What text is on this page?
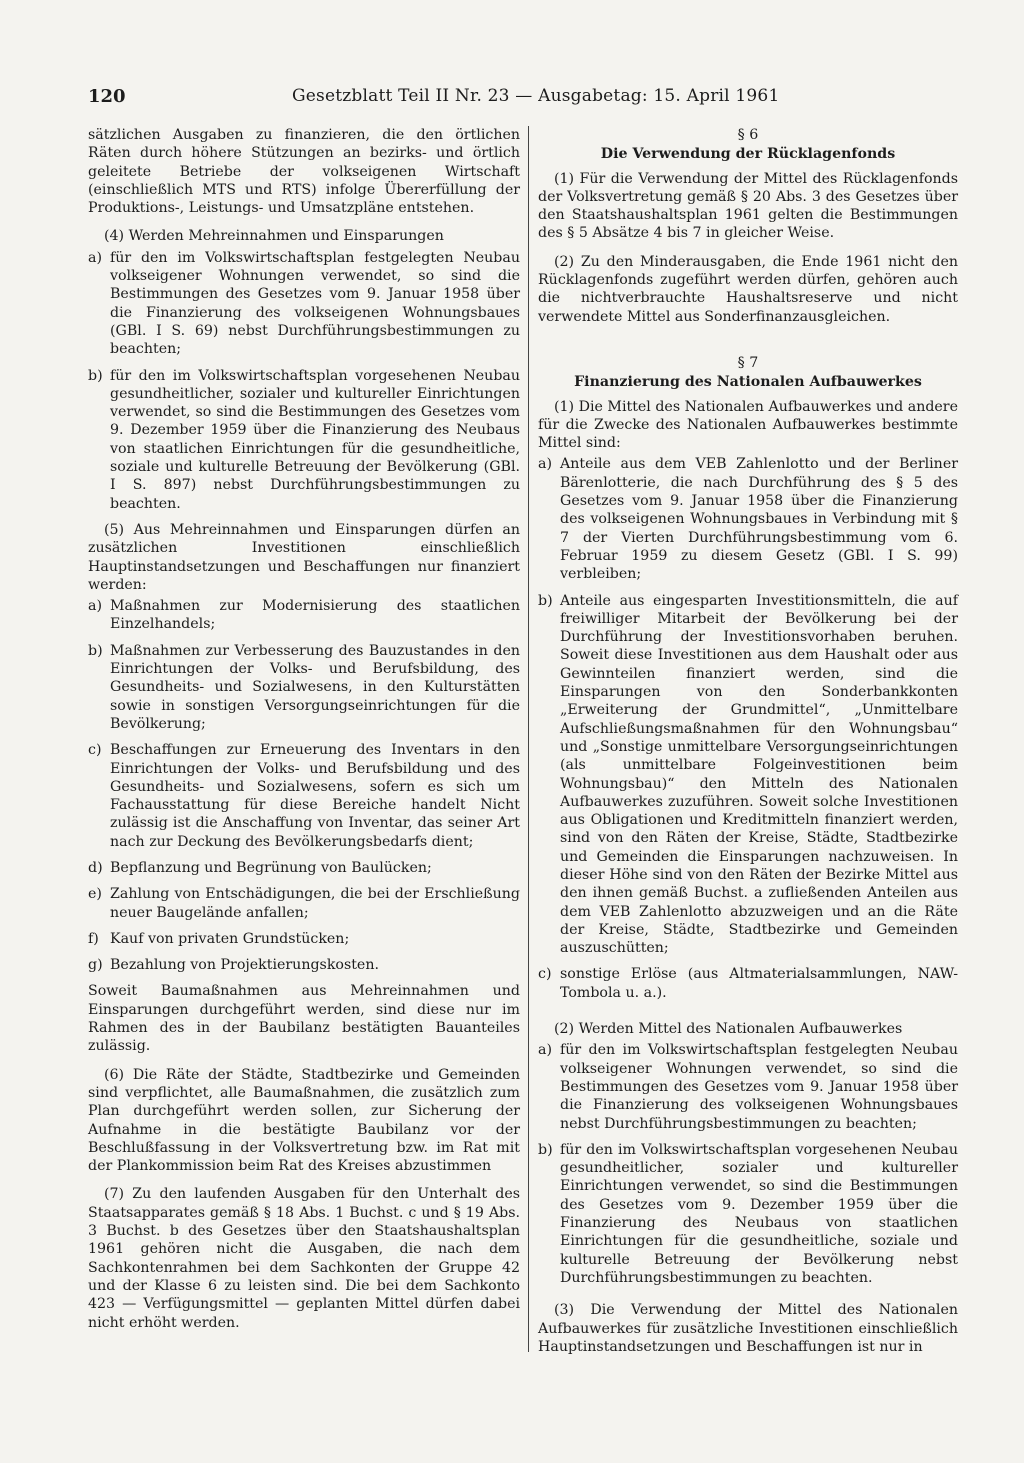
120	Gesetzblatt Teil II Nr. 23 — Ausgabetag: 15. April 1961

sätzlichen Ausgaben zu finanzieren, die den örtlichen Räten durch höhere Stützungen an bezirks- und örtlich geleitete Betriebe der volkseigenen Wirtschaft (einschließlich MTS und RTS) infolge Übererfüllung der Produktions-, Leistungs- und Umsatzpläne entstehen.

(4) Werden Mehreinnahmen und Einsparungen

a) für den im Volkswirtschaftsplan festgelegten Neubau volkseigener Wohnungen verwendet, so sind die Bestimmungen des Gesetzes vom 9. Januar 1958 über die Finanzierung des volkseigenen Wohnungsbaues (GBl. I S. 69) nebst Durchführungsbestimmungen zu beachten;
b) für den im Volkswirtschaftsplan vorgesehenen Neubau gesundheitlicher, sozialer und kultureller Einrichtungen verwendet, so sind die Bestimmungen des Gesetzes vom 9. Dezember 1959 über die Finanzierung des Neubaus von staatlichen Einrichtungen für die gesundheitliche, soziale und kulturelle Betreuung der Bevölkerung (GBl. I S. 897) nebst Durchführungsbestimmungen zu beachten.

(5) Aus Mehreinnahmen und Einsparungen dürfen an zusätzlichen Investitionen einschließlich Hauptinstandsetzungen und Beschaffungen nur finanziert werden:

a) Maßnahmen zur Modernisierung des staatlichen Einzelhandels;
b) Maßnahmen zur Verbesserung des Bauzustandes in den Einrichtungen der Volks- und Berufsbildung, des Gesundheits- und Sozialwesens, in den Kulturstätten sowie in sonstigen Versorgungseinrichtungen für die Bevölkerung;
c) Beschaffungen zur Erneuerung des Inventars in den Einrichtungen der Volks- und Berufsbildung und des Gesundheits- und Sozialwesens, sofern es sich um Fachausstattung für diese Bereiche handelt Nicht zulässig ist die Anschaffung von Inventar, das seiner Art nach zur Deckung des Bevölkerungsbedarfs dient;
d) Bepflanzung und Begrünung von Baulücken;
e) Zahlung von Entschädigungen, die bei der Erschließung neuer Baugelände anfallen;
f) Kauf von privaten Grundstücken;
g) Bezahlung von Projektierungskosten.

Soweit Baumaßnahmen aus Mehreinnahmen und Einsparungen durchgeführt werden, sind diese nur im Rahmen des in der Baubilanz bestätigten Bauanteiles zulässig.

(6) Die Räte der Städte, Stadtbezirke und Gemeinden sind verpflichtet, alle Baumaßnahmen, die zusätzlich zum Plan durchgeführt werden sollen, zur Sicherung der Aufnahme in die bestätigte Baubilanz vor der Beschlußfassung in der Volksvertretung bzw. im Rat mit der Plankommission beim Rat des Kreises abzustimmen

(7) Zu den laufenden Ausgaben für den Unterhalt des Staatsapparates gemäß § 18 Abs. 1 Buchst. c und § 19 Abs. 3 Buchst. b des Gesetzes über den Staatshaushaltsplan 1961 gehören nicht die Ausgaben, die nach dem Sachkontenrahmen bei dem Sachkonten der Gruppe 42 und der Klasse 6 zu leisten sind. Die bei dem Sachkonto 423 — Verfügungsmittel — geplanten Mittel dürfen dabei nicht erhöht werden.

§ 6

Die Verwendung der Rücklagenfonds

(1) Für die Verwendung der Mittel des Rücklagenfonds der Volksvertretung gemäß § 20 Abs. 3 des Gesetzes über den Staatshaushaltsplan 1961 gelten die Bestimmungen des § 5 Absätze 4 bis 7 in gleicher Weise.

(2) Zu den Minderausgaben, die Ende 1961 nicht den Rücklagenfonds zugeführt werden dürfen, gehören auch die nichtverbrauchte Haushaltsreserve und nicht verwendete Mittel aus Sonderfinanzausgleichen.

§ 7

Finanzierung des Nationalen Aufbauwerkes

(1) Die Mittel des Nationalen Aufbauwerkes und andere für die Zwecke des Nationalen Aufbauwerkes bestimmte Mittel sind:

a) Anteile aus dem VEB Zahlenlotto und der Berliner Bärenlotterie, die nach Durchführung des § 5 des Gesetzes vom 9. Januar 1958 über die Finanzierung des volkseigenen Wohnungsbaues in Verbindung mit § 7 der Vierten Durchführungsbestimmung vom 6. Februar 1959 zu diesem Gesetz (GBl. I S. 99) verbleiben;
b) Anteile aus eingesparten Investitionsmitteln, die auf freiwilliger Mitarbeit der Bevölkerung bei der Durchführung der Investitionsvorhaben beruhen. Soweit diese Investitionen aus dem Haushalt oder aus Gewinnteilen finanziert werden, sind die Einsparungen von den Sonderbankkonten „Erweiterung der Grundmittel“, „Unmittelbare Aufschließungsmaßnahmen für den Wohnungsbau“ und „Sonstige unmittelbare Versorgungseinrichtungen (als unmittelbare Folgeinvestitionen beim Wohnungsbau)“ den Mitteln des Nationalen Aufbauwerkes zuzuführen. Soweit solche Investitionen aus Obligationen und Kreditmitteln finanziert werden, sind von den Räten der Kreise, Städte, Stadtbezirke und Gemeinden die Einsparungen nachzuweisen. In dieser Höhe sind von den Räten der Bezirke Mittel aus den ihnen gemäß Buchst. a zufließenden Anteilen aus dem VEB Zahlenlotto abzuzweigen und an die Räte der Kreise, Städte, Stadtbezirke und Gemeinden auszuschütten;
c) sonstige Erlöse (aus Altmaterialsammlungen, NAW-Tombola u. a.).

(2) Werden Mittel des Nationalen Aufbauwerkes

a) für den im Volkswirtschaftsplan festgelegten Neubau volkseigener Wohnungen verwendet, so sind die Bestimmungen des Gesetzes vom 9. Januar 1958 über die Finanzierung des volkseigenen Wohnungsbaues nebst Durchführungsbestimmungen zu beachten;
b) für den im Volkswirtschaftsplan vorgesehenen Neubau gesundheitlicher, sozialer und kultureller Einrichtungen verwendet, so sind die Bestimmungen des Gesetzes vom 9. Dezember 1959 über die Finanzierung des Neubaus von staatlichen Einrichtungen für die gesundheitliche, soziale und kulturelle Betreuung der Bevölkerung nebst Durchführungsbestimmungen zu beachten.

(3) Die Verwendung der Mittel des Nationalen Aufbauwerkes für zusätzliche Investitionen einschließlich Hauptinstandsetzungen und Beschaffungen ist nur in
